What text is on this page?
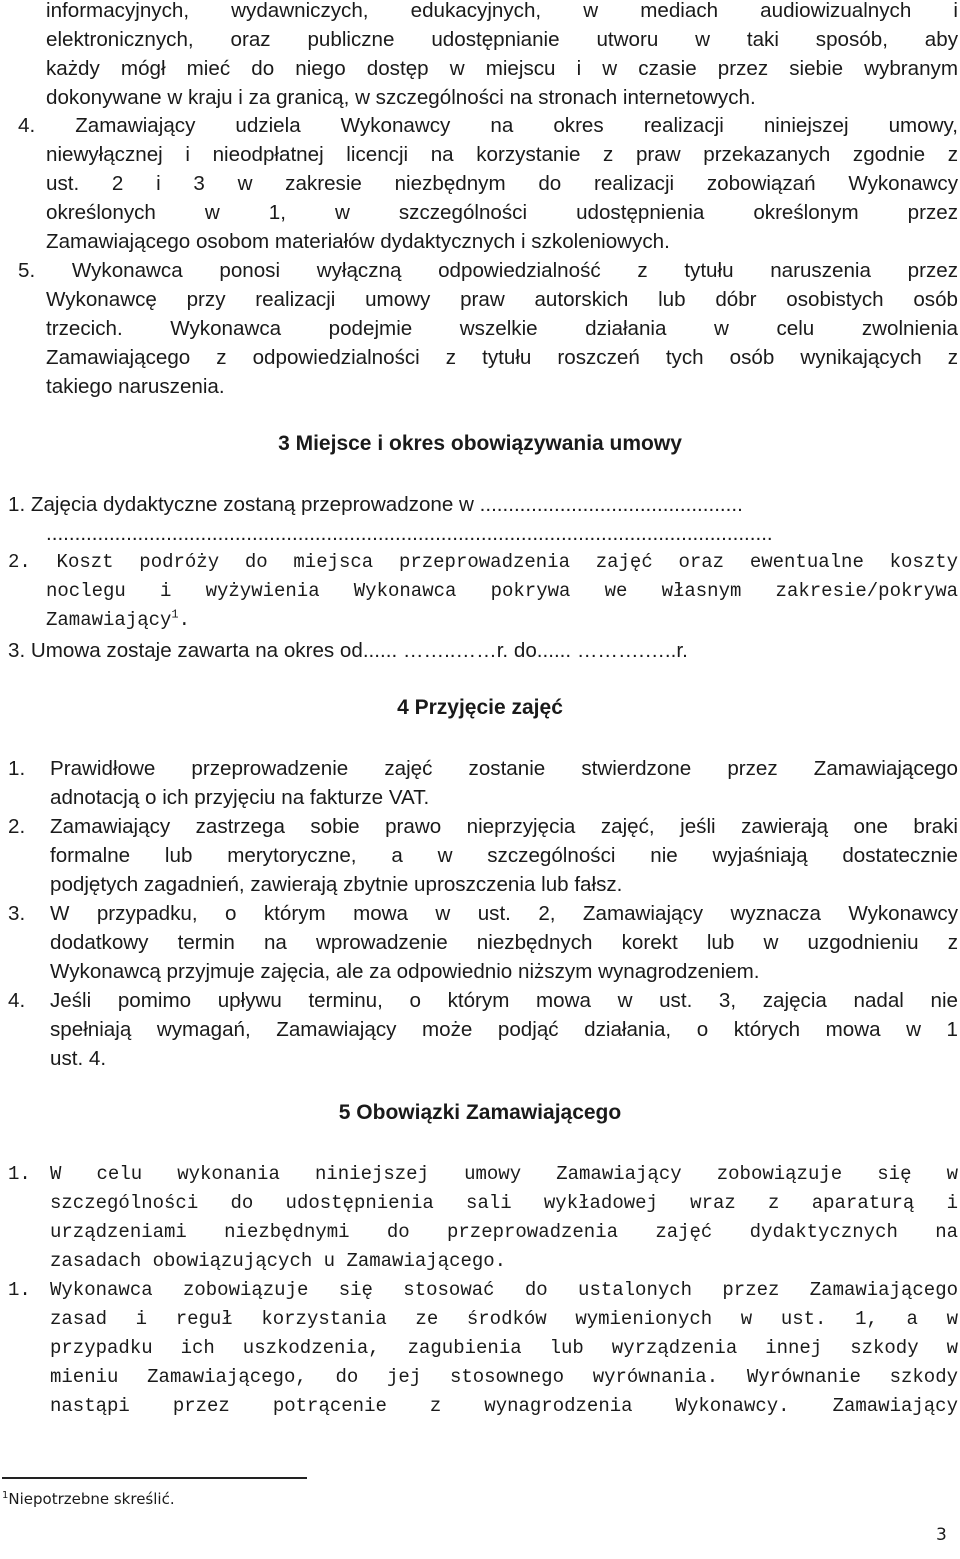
informacyjnych, wydawniczych, edukacyjnych, w mediach audiowizualnych i
elektronicznych, oraz publiczne udostępnianie utworu w taki sposób, aby
każdy mógł mieć do niego dostęp w miejscu i w czasie przez siebie wybranym
dokonywane w kraju i za granicą, w szczególności na stronach internetowych.
4. Zamawiający udziela Wykonawcy na okres realizacji niniejszej umowy,
niewyłącznej i nieodpłatnej licencji na korzystanie z praw przekazanych zgodnie z
ust. 2 i 3 w zakresie niezbędnym do realizacji zobowiązań Wykonawcy
określonych w 1, w szczególności udostępnienia określonym przez
Zamawiającego osobom materiałów dydaktycznych i szkoleniowych.
5. Wykonawca ponosi wyłączną odpowiedzialność z tytułu naruszenia przez
Wykonawcę przy realizacji umowy praw autorskich lub dóbr osobistych osób
trzecich. Wykonawca podejmie wszelkie działania w celu zwolnienia
Zamawiającego z odpowiedzialności z tytułu roszczeń tych osób wynikających z
takiego naruszenia.
3 Miejsce i okres obowiązywania umowy
1. Zajęcia dydaktyczne zostaną przeprowadzone w ..............................................
...............................................................................................................................
2. Koszt podróży do miejsca przeprowadzenia zajęć oraz ewentualne koszty
noclegu i wyżywienia Wykonawca pokrywa we własnym zakresie/pokrywa
Zamawiający$^1$.
3. Umowa zostaje zawarta na okres od...... ……..……r. do...... ……….…..r.
4 Przyjęcie zajęć
1. Prawidłowe przeprowadzenie zajęć zostanie stwierdzone przez Zamawiającego
adnotacją o ich przyjęciu na fakturze VAT.
2. Zamawiający zastrzega sobie prawo nieprzyjęcia zajęć, jeśli zawierają one braki
formalne lub merytoryczne, a w szczególności nie wyjaśniają dostatecznie
podjętych zagadnień, zawierają zbytnie uproszczenia lub fałsz.
3. W przypadku, o którym mowa w ust. 2, Zamawiający wyznacza Wykonawcy
dodatkowy termin na wprowadzenie niezbędnych korekt lub w uzgodnieniu z
Wykonawcą przyjmuje zajęcia, ale za odpowiednio niższym wynagrodzeniem.
4. Jeśli pomimo upływu terminu, o którym mowa w ust. 3, zajęcia nadal nie
spełniają wymagań, Zamawiający może podjąć działania, o których mowa w 1
ust. 4.
5 Obowiązki Zamawiającego
1. W celu wykonania niniejszej umowy Zamawiający zobowiązuje się w
szczególności do udostępnienia sali wykładowej wraz z aparaturą i
urządzeniami niezbędnymi do przeprowadzenia zajęć dydaktycznych na
zasadach obowiązujących u Zamawiającego.
1. Wykonawca zobowiązuje się stosować do ustalonych przez Zamawiającego
zasad i reguł korzystania ze środków wymienionych w ust. 1, a w
przypadku ich uszkodzenia, zagubienia lub wyrządzenia innej szkody w
mieniu Zamawiającego, do jej stosownego wyrównania. Wyrównanie szkody
nastąpi przez potrącenie z wynagrodzenia Wykonawcy. Zamawiający
$^1$Niepotrzebne skreślić.
3
